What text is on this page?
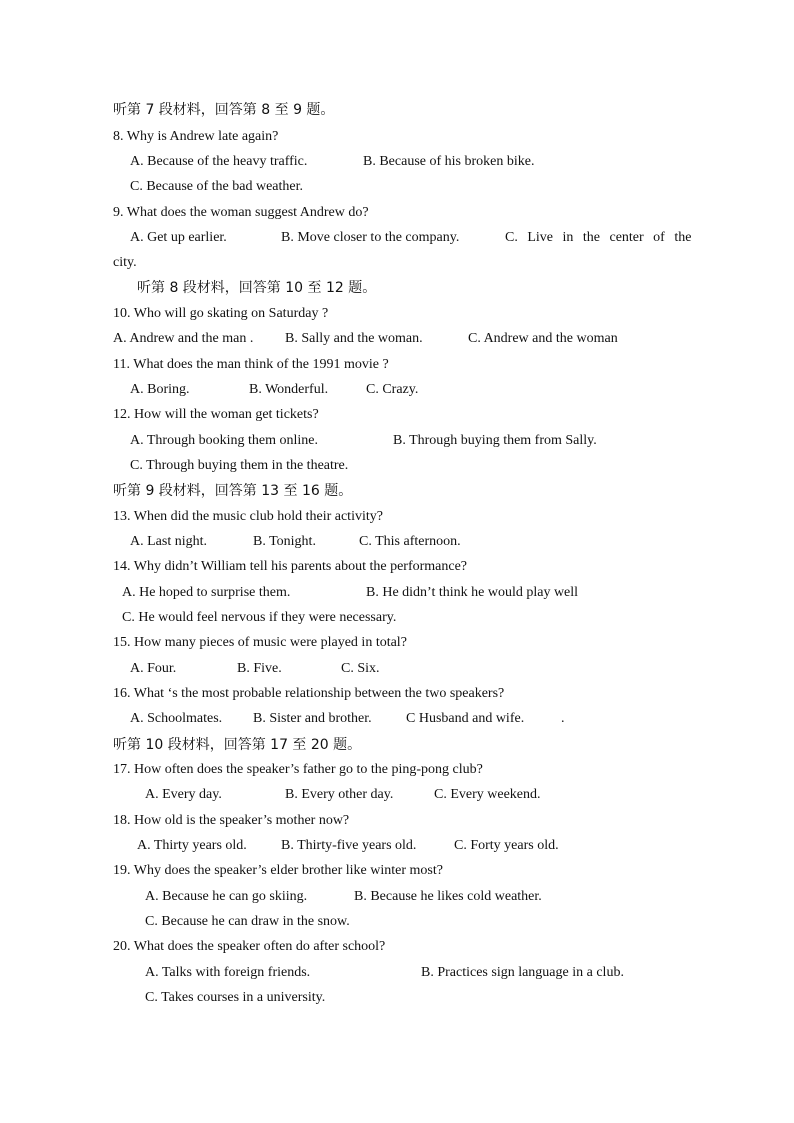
听第 7 段材料，回答第 8 至 9 题。
8. Why is Andrew late again?
A. Because of the heavy traffic.	B. Because of his broken bike.
C. Because of the bad weather.
9. What does the woman suggest Andrew do?
A. Get up earlier.	B. Move closer to the company.	C. Live in the center of the
city.
听第 8 段材料，回答第 10 至 12 题。
10. Who will go skating on Saturday ?
A. Andrew and the man . B. Sally and the woman.	C. Andrew and the woman
11. What does the man think of the 1991 movie ?
A. Boring.	B. Wonderful.	C. Crazy.
12. How will the woman get tickets?
A. Through booking them online.	B. Through buying them from Sally.
C. Through buying them in the theatre.
听第 9 段材料，回答第 13 至 16 题。
13. When did the music club hold their activity?
A. Last night.	B. Tonight.	C. This afternoon.
14. Why didn’t William tell his parents about the performance?
A. He hoped to surprise them.	B. He didn’t think he would play well
C. He would feel nervous if they were necessary.
15. How many pieces of music were played in total?
A. Four.	B. Five.	C. Six.
16. What ‘s the most probable relationship between the two speakers?
A. Schoolmates. B. Sister and brother. C Husband and wife.	.
听第 10 段材料，回答第 17 至 20 题。
17. How often does the speaker’s father go to the ping-pong club?
A. Every day.	B. Every other day.	C. Every weekend.
18. How old is the speaker’s mother now?
A. Thirty years old. B. Thirty-five years old.	C. Forty years old.
19. Why does the speaker’s elder brother like winter most?
A. Because he can go skiing.	B. Because he likes cold weather.
C. Because he can draw in the snow.
20. What does the speaker often do after school?
A. Talks with foreign friends.	B. Practices sign language in a club.
C. Takes courses in a university.
